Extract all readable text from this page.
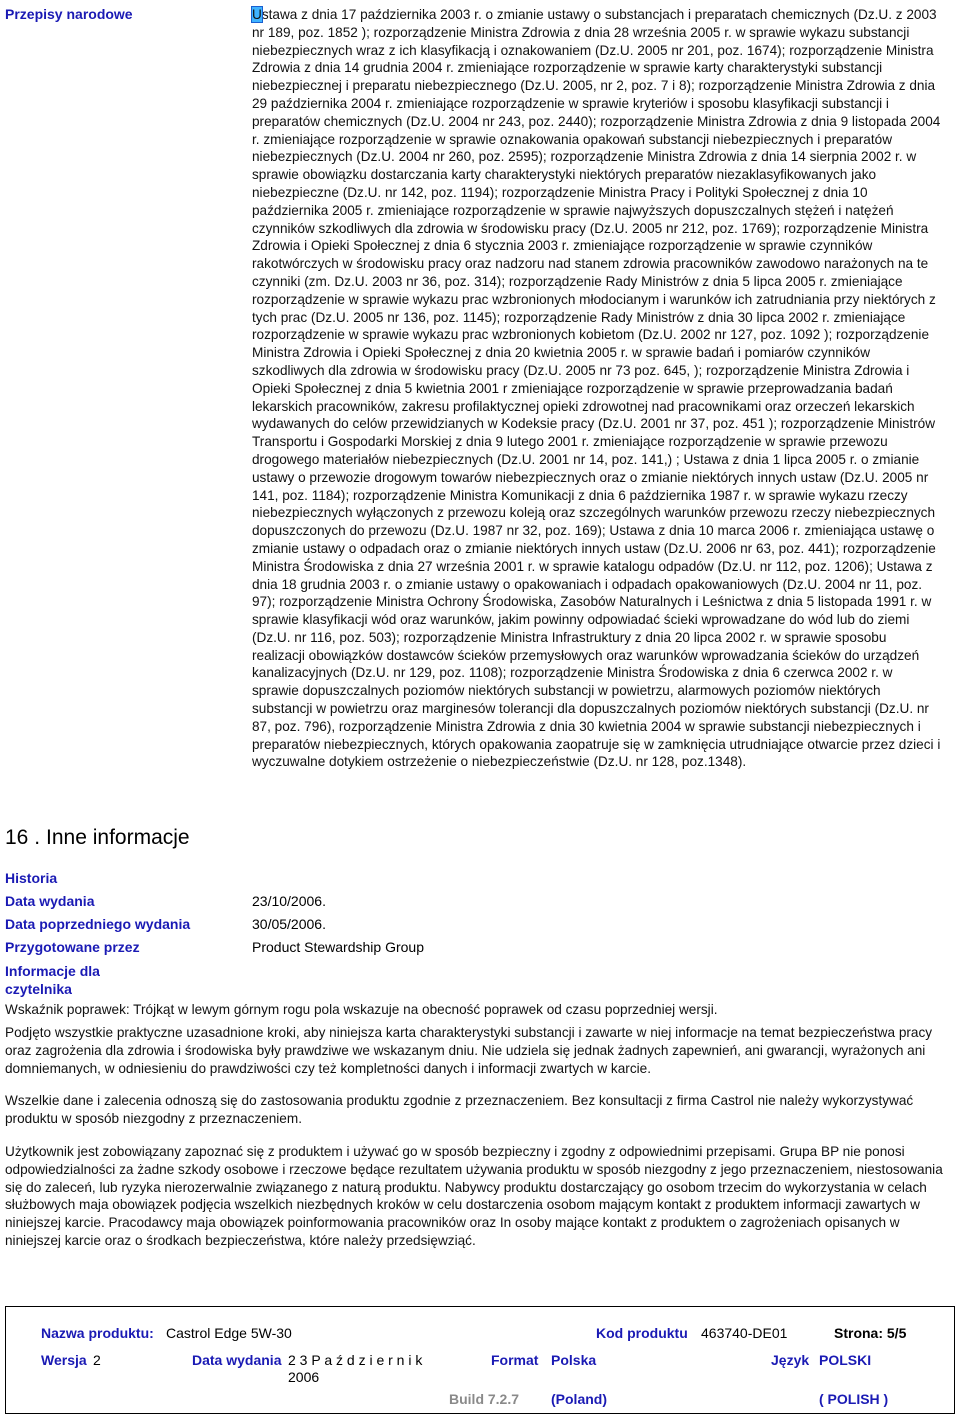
Przepisy narodowe	Ustawa z dnia 17 października 2003 r. o zmianie ustawy o substancjach i preparatach chemicznych (Dz.U. z 2003 nr 189, poz. 1852 ); rozporządzenie Ministra Zdrowia z dnia 28 września 2005 r. w sprawie wykazu substancji niebezpiecznych wraz z ich klasyfikacją i oznakowaniem (Dz.U. 2005 nr 201, poz. 1674); rozporządzenie Ministra Zdrowia z dnia 14 grudnia 2004 r. zmieniające rozporządzenie w sprawie karty charakterystyki substancji niebezpiecznej i preparatu niebezpiecznego (Dz.U. 2005, nr 2, poz. 7 i 8); rozporządzenie Ministra Zdrowia z dnia 29 października 2004 r. zmieniające rozporządzenie w sprawie kryteriów i sposobu klasyfikacji substancji i preparatów chemicznych (Dz.U. 2004 nr 243, poz. 2440); rozporządzenie Ministra Zdrowia z dnia 9 listopada 2004 r. zmieniające rozporządzenie w sprawie oznakowania opakowań substancji niebezpiecznych i preparatów niebezpiecznych (Dz.U. 2004 nr 260, poz. 2595); rozporządzenie Ministra Zdrowia z dnia 14 sierpnia 2002 r. w sprawie obowiązku dostarczania karty charakterystyki niektórych preparatów niezaklasyfikowanych jako niebezpieczne (Dz.U. nr 142, poz. 1194); rozporządzenie Ministra Pracy i Polityki Społecznej z dnia 10 października 2005 r. zmieniające rozporządzenie w sprawie najwyższych dopuszczalnych stężeń i natężeń czynników szkodliwych dla zdrowia w środowisku pracy (Dz.U. 2005 nr 212, poz. 1769); rozporządzenie Ministra Zdrowia i Opieki Społecznej z dnia 6 stycznia 2003 r. zmieniające rozporządzenie w sprawie czynników rakotwórczych w środowisku pracy oraz nadzoru nad stanem zdrowia pracowników zawodowo narażonych na te czynniki (zm. Dz.U. 2003 nr 36, poz. 314); rozporządzenie Rady Ministrów z dnia 5 lipca 2005 r. zmieniające rozporządzenie w sprawie wykazu prac wzbronionych młodocianym i warunków ich zatrudniania przy niektórych z tych prac (Dz.U. 2005 nr 136, poz. 1145); rozporządzenie Rady Ministrów z dnia 30 lipca 2002 r. zmieniające rozporządzenie w sprawie wykazu prac wzbronionych kobietom (Dz.U. 2002 nr 127, poz. 1092 ); rozporządzenie Ministra Zdrowia i Opieki Społecznej z dnia 20 kwietnia 2005 r. w sprawie badań i pomiarów czynników szkodliwych dla zdrowia w środowisku pracy (Dz.U. 2005 nr 73 poz. 645, ); rozporządzenie Ministra Zdrowia i Opieki Społecznej z dnia 5 kwietnia 2001 r zmieniające rozporządzenie w sprawie przeprowadzania badań lekarskich pracowników, zakresu profilaktycznej opieki zdrowotnej nad pracownikami oraz orzeczeń lekarskich wydawanych do celów przewidzianych w Kodeksie pracy (Dz.U. 2001 nr 37, poz. 451 ); rozporządzenie Ministrów Transportu i Gospodarki Morskiej z dnia 9 lutego 2001 r. zmieniające rozporządzenie w sprawie przewozu drogowego materiałów niebezpiecznych (Dz.U. 2001 nr 14, poz. 141,) ; Ustawa z dnia 1 lipca 2005 r. o zmianie ustawy o przewozie drogowym towarów niebezpiecznych oraz o zmianie niektórych innych ustaw (Dz.U. 2005 nr 141, poz. 1184); rozporządzenie Ministra Komunikacji z dnia 6 października 1987 r. w sprawie wykazu rzeczy niebezpiecznych wyłączonych z przewozu koleją oraz szczególnych warunków przewozu rzeczy niebezpiecznych dopuszczonych do przewozu (Dz.U. 1987 nr 32, poz. 169); Ustawa z dnia 10 marca 2006 r. zmieniająca ustawę o zmianie ustawy o odpadach oraz o zmianie niektórych innych ustaw (Dz.U. 2006 nr 63, poz. 441); rozporządzenie Ministra Środowiska z dnia 27 września 2001 r. w sprawie katalogu odpadów (Dz.U. nr 112, poz. 1206); Ustawa z dnia 18 grudnia 2003 r. o zmianie ustawy o opakowaniach i odpadach opakowaniowych (Dz.U. 2004 nr 11, poz. 97); rozporządzenie Ministra Ochrony Środowiska, Zasobów Naturalnych i Leśnictwa z dnia 5 listopada 1991 r. w sprawie klasyfikacji wód oraz warunków, jakim powinny odpowiadać ścieki wprowadzane do wód lub do ziemi (Dz.U. nr 116, poz. 503); rozporządzenie Ministra Infrastruktury z dnia 20 lipca 2002 r. w sprawie sposobu realizacji obowiązków dostawców ścieków przemysłowych oraz warunków wprowadzania ścieków do urządzeń kanalizacyjnych (Dz.U. nr 129, poz. 1108); rozporządzenie Ministra Środowiska z dnia 6 czerwca 2002 r. w sprawie dopuszczalnych poziomów niektórych substancji w powietrzu, alarmowych poziomów niektórych substancji w powietrzu oraz marginesów tolerancji dla dopuszczalnych poziomów niektórych substancji (Dz.U. nr 87, poz. 796), rozporządzenie Ministra Zdrowia z dnia 30 kwietnia 2004 w sprawie substancji niebezpiecznych i preparatów niebezpiecznych, których opakowania zaopatruje się w zamknięcia utrudniające otwarcie przez dzieci i wyczuwalne dotykiem ostrzeżenie o niebezpieczeństwie (Dz.U. nr 128, poz.1348).

16 . Inne informacje
Historia
Data wydania	23/10/2006.
Data poprzedniego wydania	30/05/2006.
Przygotowane przez	Product Stewardship Group
Informacje dla czytelnika

Wskaźnik poprawek: Trójkąt w lewym górnym rogu pola wskazuje na obecność poprawek od czasu poprzedniej wersji.

Podjęto wszystkie praktyczne uzasadnione kroki, aby niniejsza karta charakterystyki substancji i zawarte w niej informacje na temat bezpieczeństwa pracy oraz zagrożenia dla zdrowia i środowiska były prawdziwe we wskazanym dniu. Nie udziela się jednak żadnych zapewnień, ani gwarancji, wyrażonych ani domniemanych, w odniesieniu do prawdziwości czy też kompletności danych i informacji zwartych w karcie.

Wszelkie dane i zalecenia odnoszą się do zastosowania produktu zgodnie z przeznaczeniem. Bez konsultacji z firma Castrol nie należy wykorzystywać produktu w sposób niezgodny z przeznaczeniem.

Użytkownik jest zobowiązany zapoznać się z produktem i używać go w sposób bezpieczny i zgodny z odpowiednimi przepisami. Grupa BP nie ponosi odpowiedzialności za żadne szkody osobowe i rzeczowe będące rezultatem używania produktu w sposób niezgodny z jego przeznaczeniem, niestosowania się do zaleceń, lub ryzyka nierozerwalnie związanego z naturą produktu. Nabywcy produktu dostarczający go osobom trzecim do wykorzystania w celach służbowych maja obowiązek podjęcia wszelkich niezbędnych kroków w celu dostarczenia osobom mającym kontakt z produktem informacji zawartych w niniejszej karcie. Pracodawcy maja obowiązek poinformowania pracowników oraz In osoby mające kontakt z produktem o zagrożeniach opisanych w niniejszej karcie oraz o środkach bezpieczeństwa, które należy przedsięwziąć.

Nazwa produktu: Castrol Edge 5W-30	Kod produktu 463740-DE01	Strona: 5/5
Wersja 2	Data wydania 2 3 P a ź d z i e r n i k
2006
Format Polska	Język POLSKI
Build 7.2.7 (Poland)	( POLISH )
